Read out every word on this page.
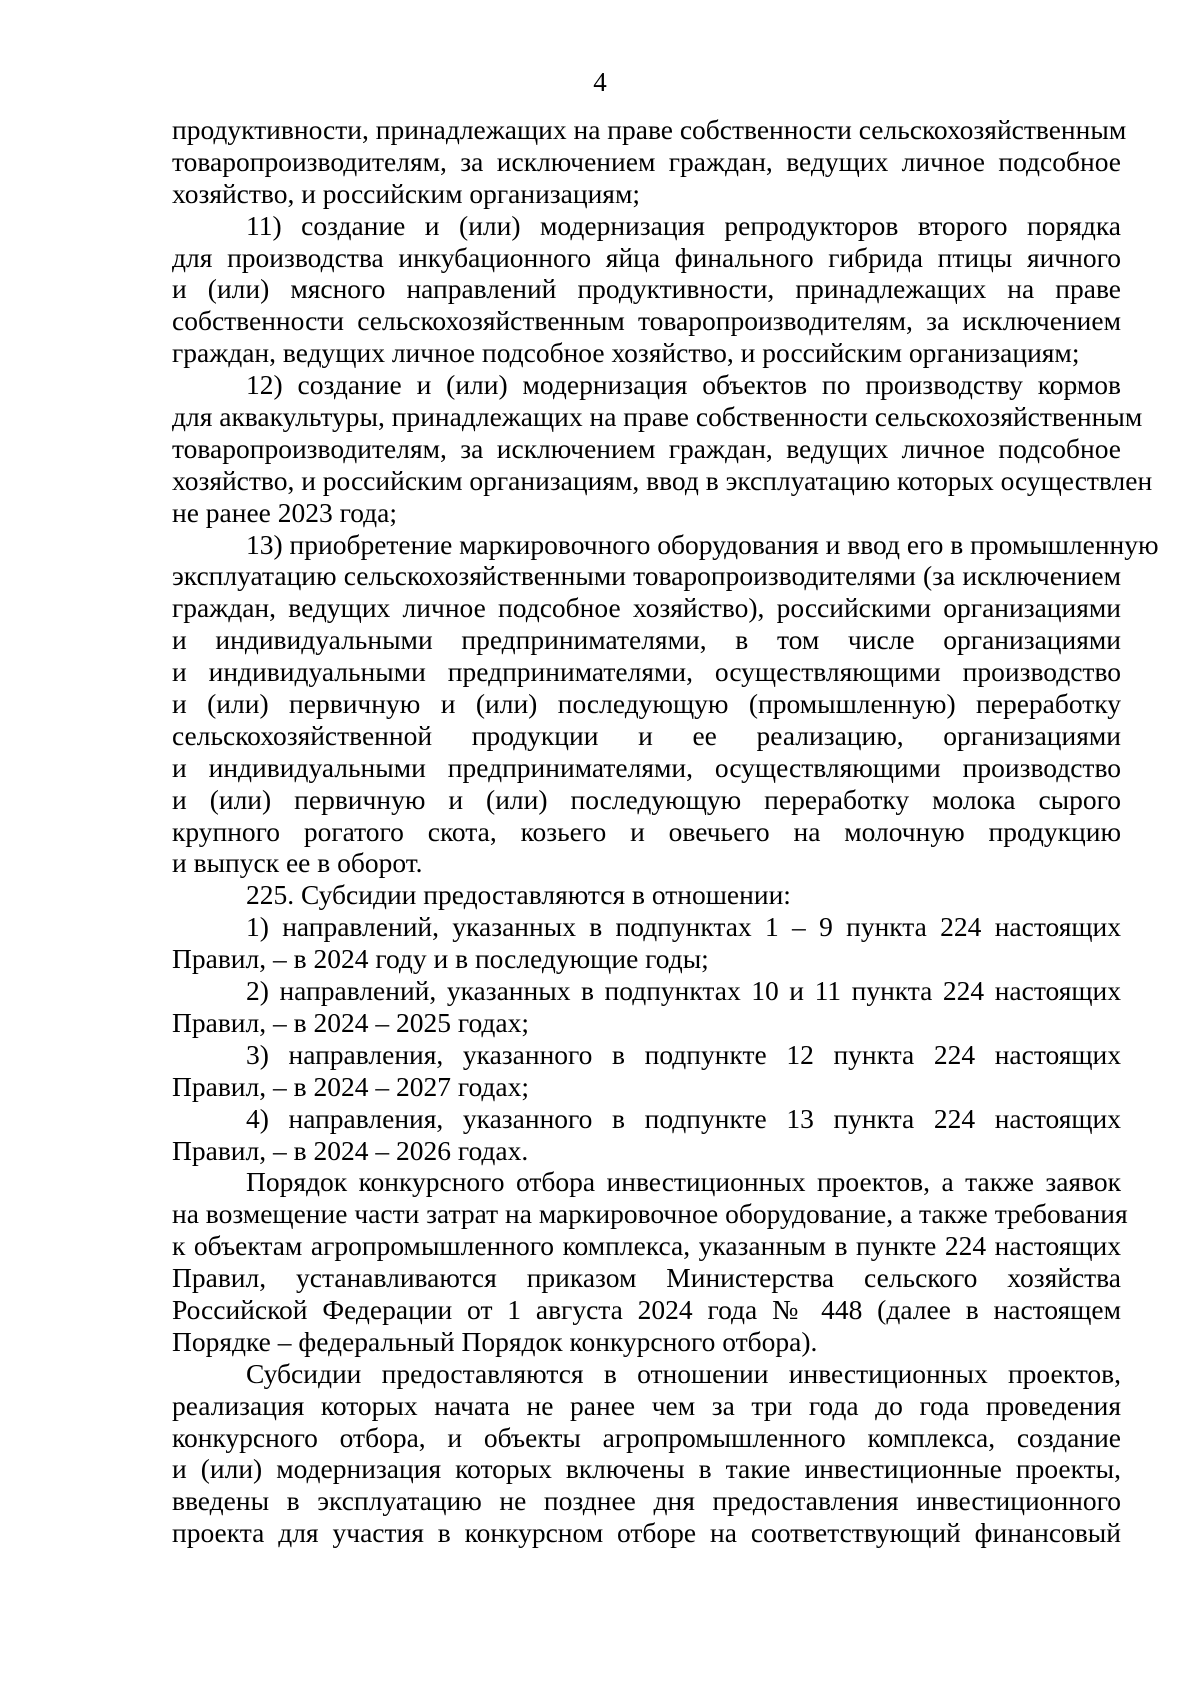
4
продуктивности, принадлежащих на праве собственности сельскохозяйственным
товаропроизводителям, за исключением граждан, ведущих личное подсобное
хозяйство, и российским организациям;
11) создание и (или) модернизация репродукторов второго порядка
для производства инкубационного яйца финального гибрида птицы яичного
и (или) мясного направлений продуктивности, принадлежащих на праве
собственности сельскохозяйственным товаропроизводителям, за исключением
граждан, ведущих личное подсобное хозяйство, и российским организациям;
12) создание и (или) модернизация объектов по производству кормов
для аквакультуры, принадлежащих на праве собственности сельскохозяйственным
товаропроизводителям, за исключением граждан, ведущих личное подсобное
хозяйство, и российским организациям, ввод в эксплуатацию которых осуществлен
не ранее 2023 года;
13) приобретение маркировочного оборудования и ввод его в промышленную
эксплуатацию сельскохозяйственными товаропроизводителями (за исключением
граждан, ведущих личное подсобное хозяйство), российскими организациями
и индивидуальными предпринимателями, в том числе организациями
и индивидуальными предпринимателями, осуществляющими производство
и (или) первичную и (или) последующую (промышленную) переработку
сельскохозяйственной продукции и ее реализацию, организациями
и индивидуальными предпринимателями, осуществляющими производство
и (или) первичную и (или) последующую переработку молока сырого
крупного рогатого скота, козьего и овечьего на молочную продукцию
и выпуск ее в оборот.
225. Субсидии предоставляются в отношении:
1) направлений, указанных в подпунктах 1 – 9 пункта 224 настоящих
Правил, – в 2024 году и в последующие годы;
2) направлений, указанных в подпунктах 10 и 11 пункта 224 настоящих
Правил, – в 2024 – 2025 годах;
3) направления, указанного в подпункте 12 пункта 224 настоящих
Правил, – в 2024 – 2027 годах;
4) направления, указанного в подпункте 13 пункта 224 настоящих
Правил, – в 2024 – 2026 годах.
Порядок конкурсного отбора инвестиционных проектов, а также заявок
на возмещение части затрат на маркировочное оборудование, а также требования
к объектам агропромышленного комплекса, указанным в пункте 224 настоящих
Правил, устанавливаются приказом Министерства сельского хозяйства
Российской Федерации от 1 августа 2024 года № 448 (далее в настоящем
Порядке – федеральный Порядок конкурсного отбора).
Субсидии предоставляются в отношении инвестиционных проектов,
реализация которых начата не ранее чем за три года до года проведения
конкурсного отбора, и объекты агропромышленного комплекса, создание
и (или) модернизация которых включены в такие инвестиционные проекты,
введены в эксплуатацию не позднее дня предоставления инвестиционного
проекта для участия в конкурсном отборе на соответствующий финансовый
